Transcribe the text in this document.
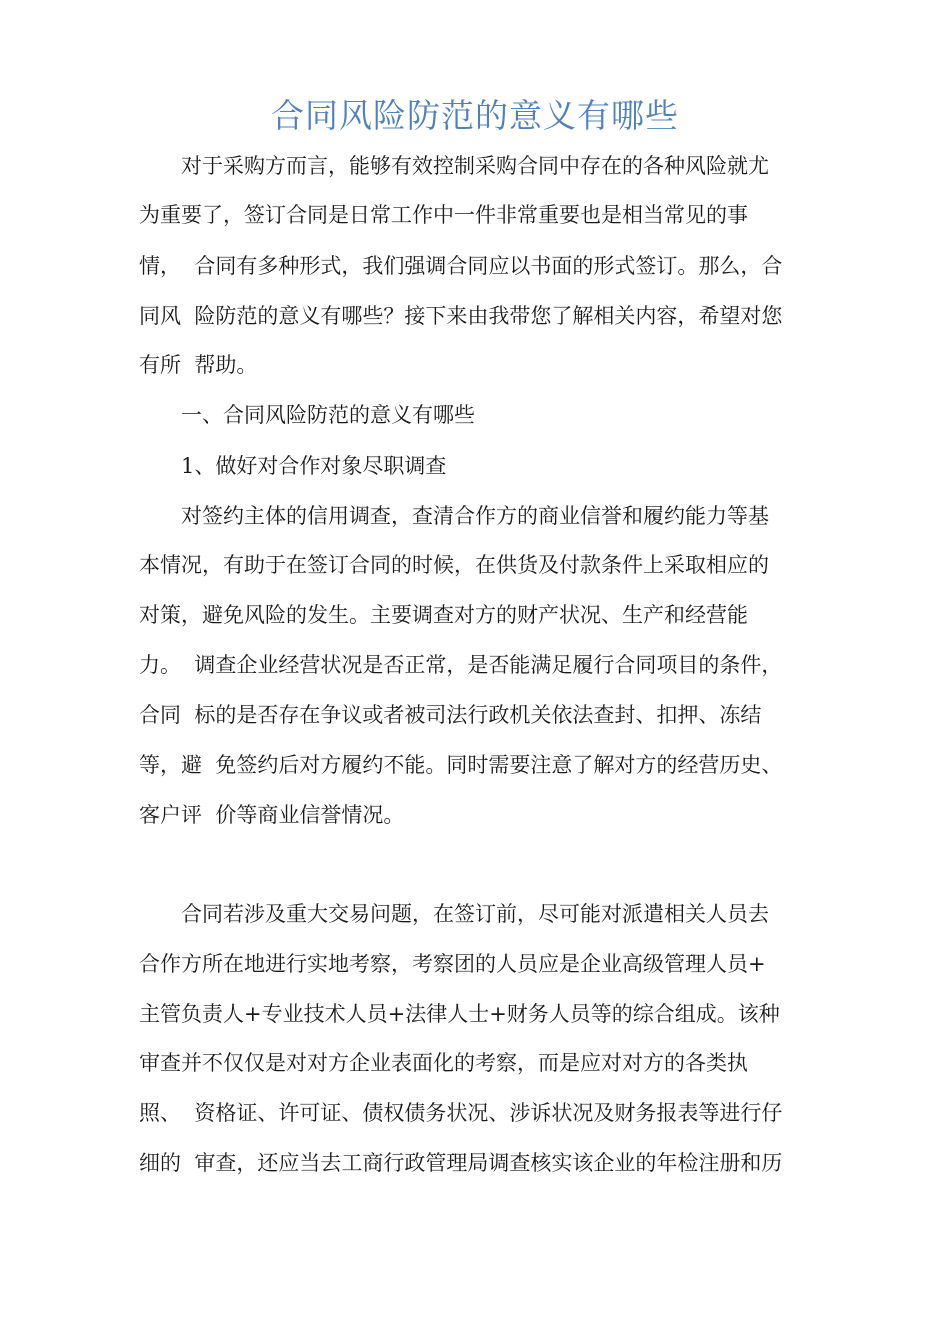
合同风险防范的意义有哪些

对于采购方而言，能够有效控制采购合同中存在的各种风险就尤

为重要了，签订合同是日常工作中一件非常重要也是相当常见的事

情，  合同有多种形式，我们强调合同应以书面的形式签订。那么，合

同风  险防范的意义有哪些？接下来由我带您了解相关内容，希望对您

有所  帮助。

一、合同风险防范的意义有哪些

1、做好对合作对象尽职调查

对签约主体的信用调查，查清合作方的商业信誉和履约能力等基

本情况，有助于在签订合同的时候，在供货及付款条件上采取相应的

对策，避免风险的发生。主要调查对方的财产状况、生产和经营能

力。  调查企业经营状况是否正常，是否能满足履行合同项目的条件，

合同  标的是否存在争议或者被司法行政机关依法查封、扣押、冻结

等，避  免签约后对方履约不能。同时需要注意了解对方的经营历史、

客户评  价等商业信誉情况。

合同若涉及重大交易问题，在签订前，尽可能对派遣相关人员去

合作方所在地进行实地考察，考察团的人员应是企业高级管理人员+

主管负责人+专业技术人员+法律人士+财务人员等的综合组成。该种

审查并不仅仅是对对方企业表面化的考察，而是应对对方的各类执

照、  资格证、许可证、债权债务状况、涉诉状况及财务报表等进行仔

细的  审查，还应当去工商行政管理局调查核实该企业的年检注册和历
